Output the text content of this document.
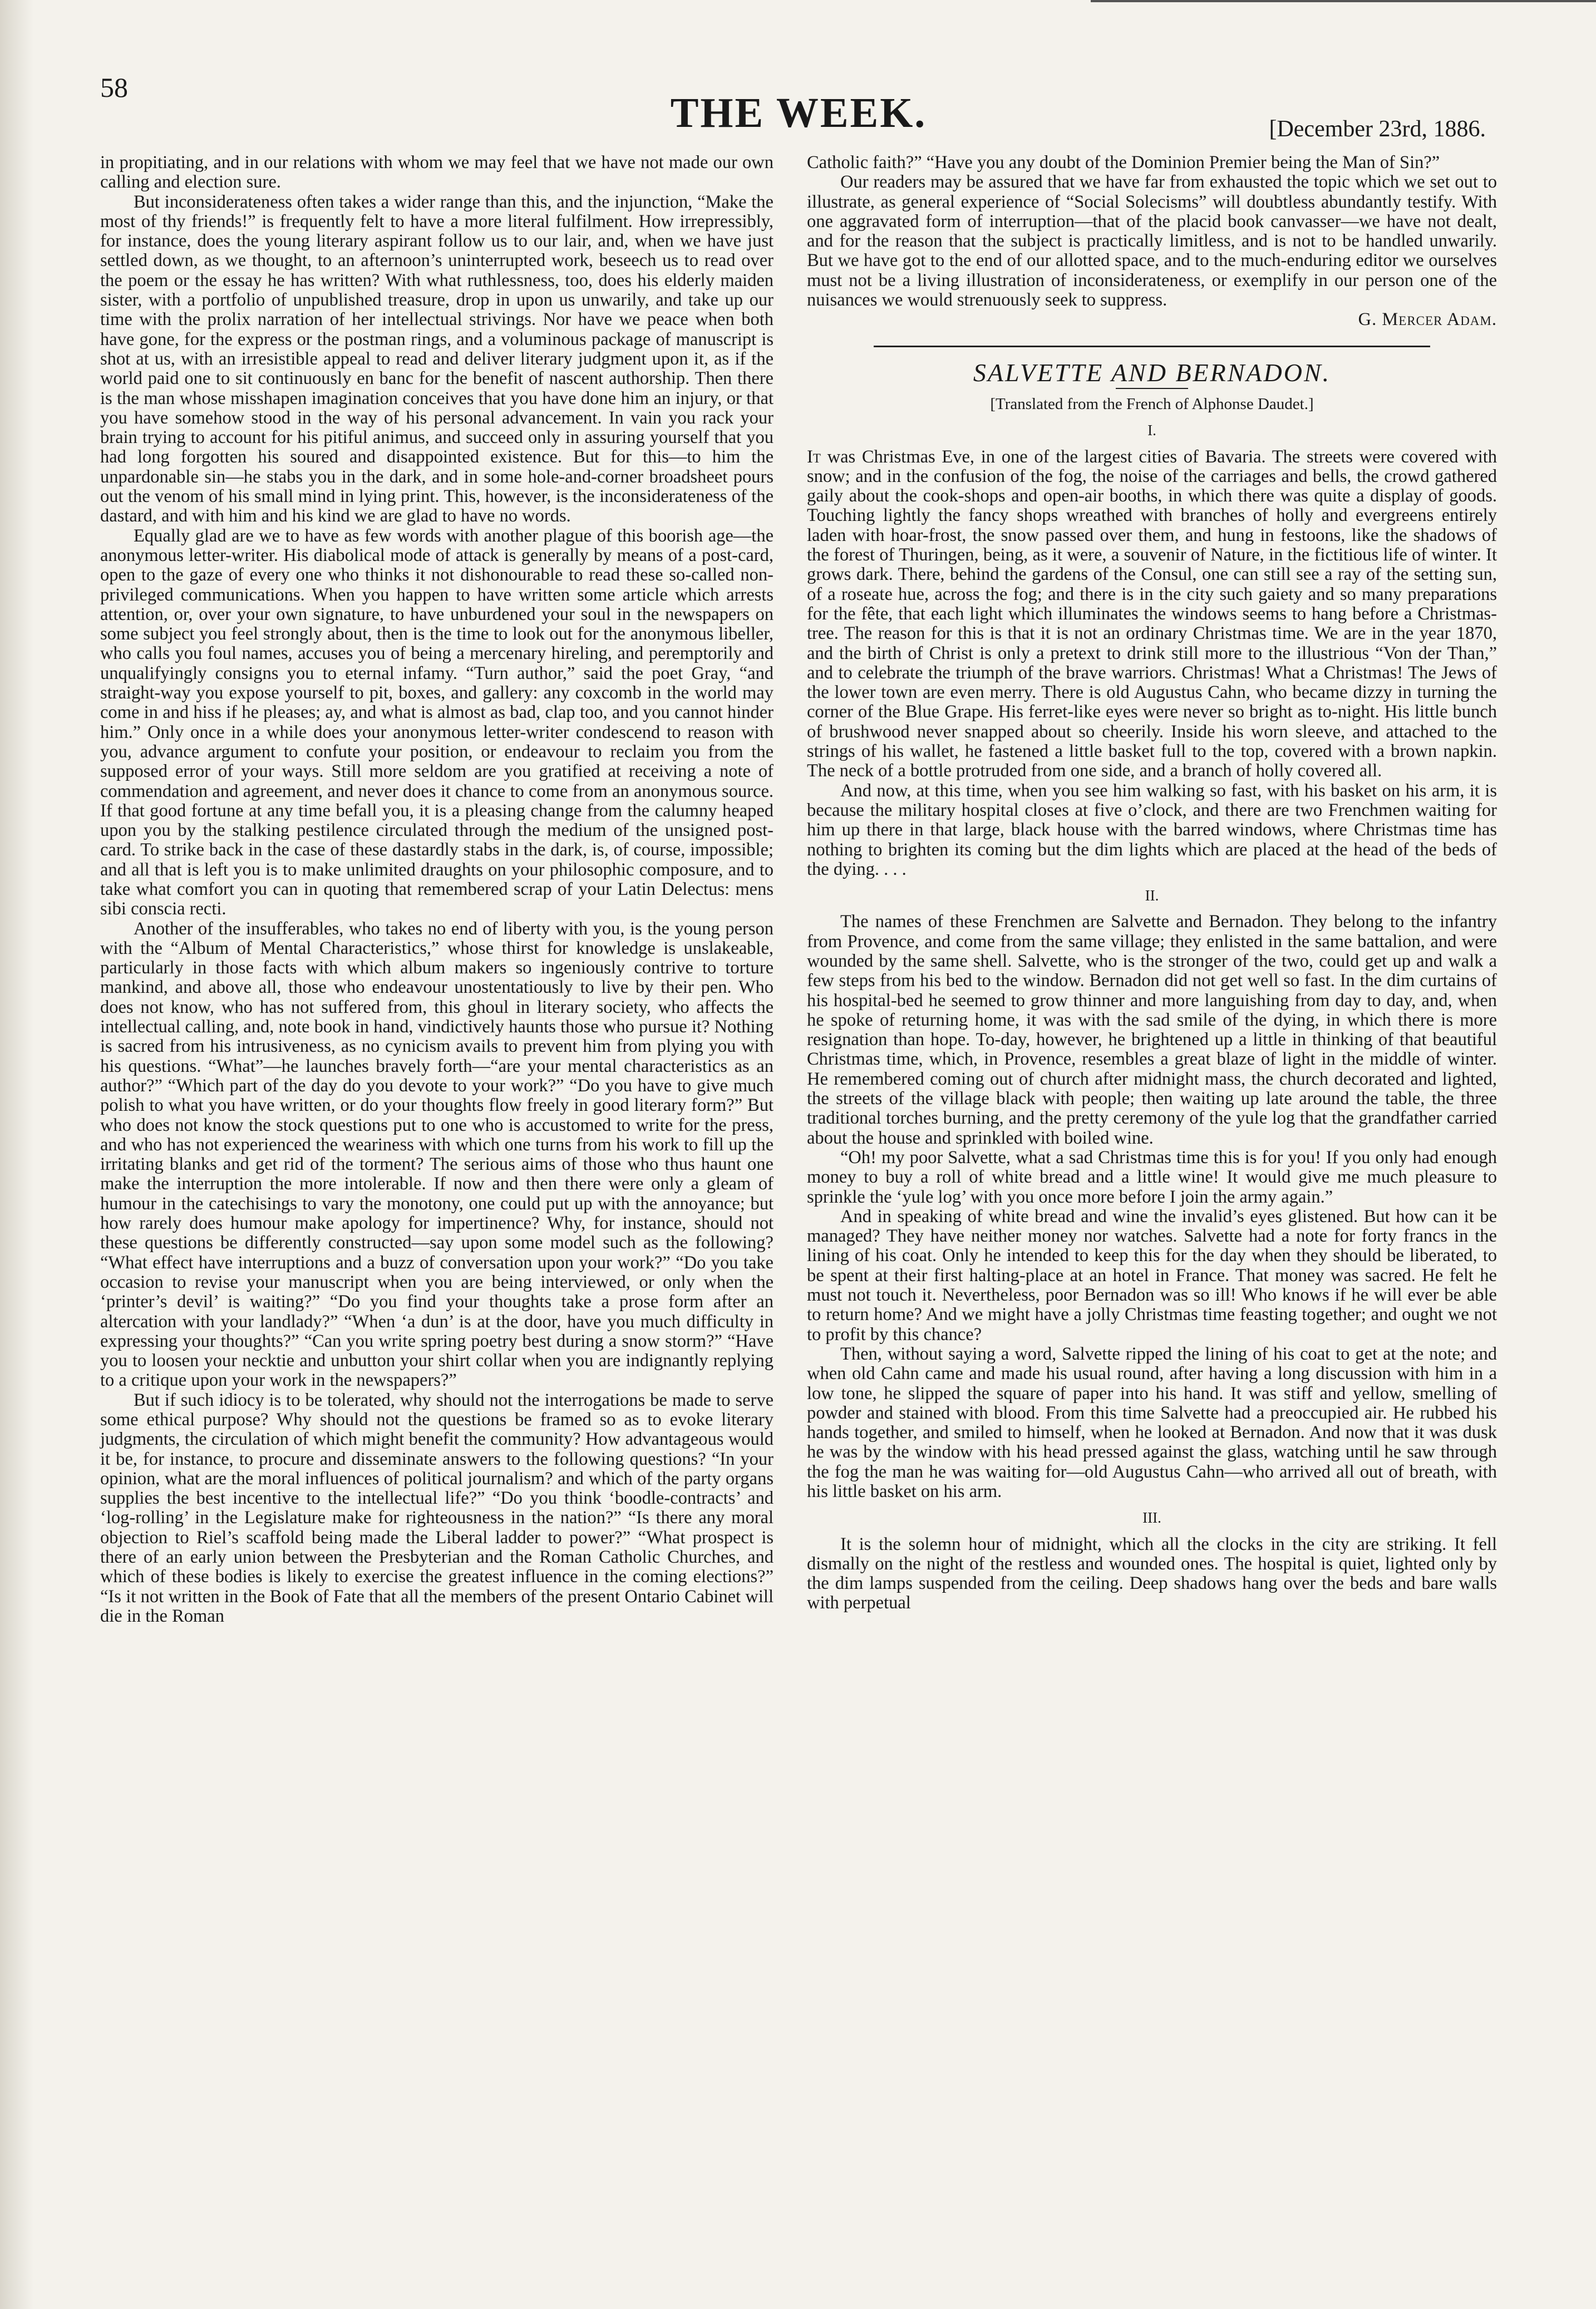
58
THE WEEK.	[December 23rd, 1886.

in propitiating, and in our relations with whom we may feel that we have not made our own calling and election sure.

But inconsiderateness often takes a wider range than this, and the injunction, “Make the most of thy friends!” is frequently felt to have a more literal fulfilment. How irrepressibly, for instance, does the young literary aspirant follow us to our lair, and, when we have just settled down, as we thought, to an afternoon’s uninterrupted work, beseech us to read over the poem or the essay he has written? With what ruthlessness, too, does his elderly maiden sister, with a portfolio of unpublished treasure, drop in upon us unwarily, and take up our time with the prolix narration of her intellectual strivings. Nor have we peace when both have gone, for the express or the postman rings, and a voluminous package of manuscript is shot at us, with an irresistible appeal to read and deliver literary judgment upon it, as if the world paid one to sit continuously en banc for the benefit of nascent authorship. Then there is the man whose misshapen imagination conceives that you have done him an injury, or that you have somehow stood in the way of his personal advancement. In vain you rack your brain trying to account for his pitiful animus, and succeed only in assuring yourself that you had long forgotten his soured and disappointed existence. But for this—to him the unpardonable sin—he stabs you in the dark, and in some hole-and-corner broadsheet pours out the venom of his small mind in lying print. This, however, is the inconsiderateness of the dastard, and with him and his kind we are glad to have no words.

Equally glad are we to have as few words with another plague of this boorish age—the anonymous letter-writer. His diabolical mode of attack is generally by means of a post-card, open to the gaze of every one who thinks it not dishonourable to read these so-called non-privileged communications. When you happen to have written some article which arrests attention, or, over your own signature, to have unburdened your soul in the newspapers on some subject you feel strongly about, then is the time to look out for the anonymous libeller, who calls you foul names, accuses you of being a mercenary hireling, and peremptorily and unqualifyingly consigns you to eternal infamy. “Turn author,” said the poet Gray, “and straight-way you expose yourself to pit, boxes, and gallery: any coxcomb in the world may come in and hiss if he pleases; ay, and what is almost as bad, clap too, and you cannot hinder him.” Only once in a while does your anonymous letter-writer condescend to reason with you, advance argument to confute your position, or endeavour to reclaim you from the supposed error of your ways. Still more seldom are you gratified at receiving a note of commendation and agreement, and never does it chance to come from an anonymous source. If that good fortune at any time befall you, it is a pleasing change from the calumny heaped upon you by the stalking pestilence circulated through the medium of the unsigned post-card. To strike back in the case of these dastardly stabs in the dark, is, of course, impossible; and all that is left you is to make unlimited draughts on your philosophic composure, and to take what comfort you can in quoting that remembered scrap of your Latin Delectus: mens sibi conscia recti.

Another of the insufferables, who takes no end of liberty with you, is the young person with the “Album of Mental Characteristics,” whose thirst for knowledge is unslakeable, particularly in those facts with which album makers so ingeniously contrive to torture mankind, and above all, those who endeavour unostentatiously to live by their pen. Who does not know, who has not suffered from, this ghoul in literary society, who affects the intellectual calling, and, note book in hand, vindictively haunts those who pursue it? Nothing is sacred from his intrusiveness, as no cynicism avails to prevent him from plying you with his questions. “What”—he launches bravely forth—“are your mental characteristics as an author?” “Which part of the day do you devote to your work?” “Do you have to give much polish to what you have written, or do your thoughts flow freely in good literary form?” But who does not know the stock questions put to one who is accustomed to write for the press, and who has not experienced the weariness with which one turns from his work to fill up the irritating blanks and get rid of the torment? The serious aims of those who thus haunt one make the interruption the more intolerable. If now and then there were only a gleam of humour in the catechisings to vary the monotony, one could put up with the annoyance; but how rarely does humour make apology for impertinence? Why, for instance, should not these questions be differently constructed—say upon some model such as the following? “What effect have interruptions and a buzz of conversation upon your work?” “Do you take occasion to revise your manuscript when you are being interviewed, or only when the ‘printer’s devil’ is waiting?” “Do you find your thoughts take a prose form after an altercation with your landlady?” “When ‘a dun’ is at the door, have you much difficulty in expressing your thoughts?” “Can you write spring poetry best during a snow storm?” “Have you to loosen your necktie and unbutton your shirt collar when you are indignantly replying to a critique upon your work in the newspapers?”

But if such idiocy is to be tolerated, why should not the interrogations be made to serve some ethical purpose? Why should not the questions be framed so as to evoke literary judgments, the circulation of which might benefit the community? How advantageous would it be, for instance, to procure and disseminate answers to the following questions? “In your opinion, what are the moral influences of political journalism? and which of the party organs supplies the best incentive to the intellectual life?” “Do you think ‘boodle-contracts’ and ‘log-rolling’ in the Legislature make for righteousness in the nation?” “Is there any moral objection to Riel’s scaffold being made the Liberal ladder to power?” “What prospect is there of an early union between the Presbyterian and the Roman Catholic Churches, and which of these bodies is likely to exercise the greatest influence in the coming elections?” “Is it not written in the Book of Fate that all the members of the present Ontario Cabinet will die in the Roman

Catholic faith?” “Have you any doubt of the Dominion Premier being the Man of Sin?”

Our readers may be assured that we have far from exhausted the topic which we set out to illustrate, as general experience of “Social Solecisms” will doubtless abundantly testify. With one aggravated form of interruption—that of the placid book canvasser—we have not dealt, and for the reason that the subject is practically limitless, and is not to be handled unwarily. But we have got to the end of our allotted space, and to the much-enduring editor we ourselves must not be a living illustration of inconsiderateness, or exemplify in our person one of the nuisances we would strenuously seek to suppress.

G. Mercer Adam.

SALVETTE AND BERNADON.
[Translated from the French of Alphonse Daudet.]
I.

It was Christmas Eve, in one of the largest cities of Bavaria. The streets were covered with snow; and in the confusion of the fog, the noise of the carriages and bells, the crowd gathered gaily about the cook-shops and open-air booths, in which there was quite a display of goods. Touching lightly the fancy shops wreathed with branches of holly and evergreens entirely laden with hoar-frost, the snow passed over them, and hung in festoons, like the shadows of the forest of Thuringen, being, as it were, a souvenir of Nature, in the fictitious life of winter. It grows dark. There, behind the gardens of the Consul, one can still see a ray of the setting sun, of a roseate hue, across the fog; and there is in the city such gaiety and so many preparations for the fête, that each light which illuminates the windows seems to hang before a Christmas-tree. The reason for this is that it is not an ordinary Christmas time. We are in the year 1870, and the birth of Christ is only a pretext to drink still more to the illustrious “Von der Than,” and to celebrate the triumph of the brave warriors. Christmas! What a Christmas! The Jews of the lower town are even merry. There is old Augustus Cahn, who became dizzy in turning the corner of the Blue Grape. His ferret-like eyes were never so bright as to-night. His little bunch of brushwood never snapped about so cheerily. Inside his worn sleeve, and attached to the strings of his wallet, he fastened a little basket full to the top, covered with a brown napkin. The neck of a bottle protruded from one side, and a branch of holly covered all.

And now, at this time, when you see him walking so fast, with his basket on his arm, it is because the military hospital closes at five o’clock, and there are two Frenchmen waiting for him up there in that large, black house with the barred windows, where Christmas time has nothing to brighten its coming but the dim lights which are placed at the head of the beds of the dying. . . .

II.

The names of these Frenchmen are Salvette and Bernadon. They belong to the infantry from Provence, and come from the same village; they enlisted in the same battalion, and were wounded by the same shell. Salvette, who is the stronger of the two, could get up and walk a few steps from his bed to the window. Bernadon did not get well so fast. In the dim curtains of his hospital-bed he seemed to grow thinner and more languishing from day to day, and, when he spoke of returning home, it was with the sad smile of the dying, in which there is more resignation than hope. To-day, however, he brightened up a little in thinking of that beautiful Christmas time, which, in Provence, resembles a great blaze of light in the middle of winter. He remembered coming out of church after midnight mass, the church decorated and lighted, the streets of the village black with people; then waiting up late around the table, the three traditional torches burning, and the pretty ceremony of the yule log that the grandfather carried about the house and sprinkled with boiled wine.

“Oh! my poor Salvette, what a sad Christmas time this is for you! If you only had enough money to buy a roll of white bread and a little wine! It would give me much pleasure to sprinkle the ‘yule log’ with you once more before I join the army again.”

And in speaking of white bread and wine the invalid’s eyes glistened. But how can it be managed? They have neither money nor watches. Salvette had a note for forty francs in the lining of his coat. Only he intended to keep this for the day when they should be liberated, to be spent at their first halting-place at an hotel in France. That money was sacred. He felt he must not touch it. Nevertheless, poor Bernadon was so ill! Who knows if he will ever be able to return home? And we might have a jolly Christmas time feasting together; and ought we not to profit by this chance?

Then, without saying a word, Salvette ripped the lining of his coat to get at the note; and when old Cahn came and made his usual round, after having a long discussion with him in a low tone, he slipped the square of paper into his hand. It was stiff and yellow, smelling of powder and stained with blood. From this time Salvette had a preoccupied air. He rubbed his hands together, and smiled to himself, when he looked at Bernadon. And now that it was dusk he was by the window with his head pressed against the glass, watching until he saw through the fog the man he was waiting for—old Augustus Cahn—who arrived all out of breath, with his little basket on his arm.

III.

It is the solemn hour of midnight, which all the clocks in the city are striking. It fell dismally on the night of the restless and wounded ones. The hospital is quiet, lighted only by the dim lamps suspended from the ceiling. Deep shadows hang over the beds and bare walls with perpetual
